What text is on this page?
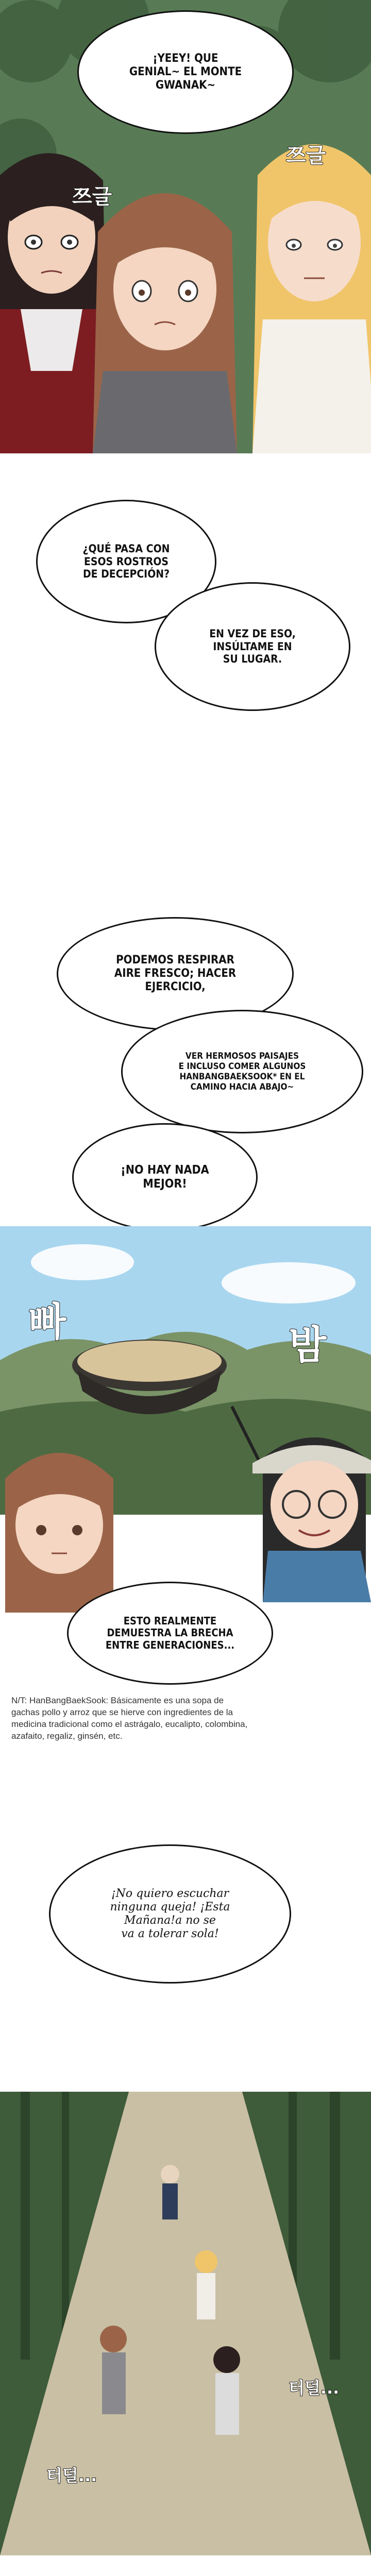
¡YEEY! QUE
GENIAL~ EL MONTE
GWANAK~
쯔글
쯔글
¿QUÉ PASA CON
ESOS ROSTROS
DE DECEPCIÓN?
EN VEZ DE ESO,
INSÚLTAME EN
SU LUGAR.
PODEMOS RESPIRAR
AIRE FRESCO; HACER
EJERCICIO,
VER HERMOSOS PAISAJES
E INCLUSO COMER ALGUNOS
HANBANGBAEKSOOK* EN EL
CAMINO HACIA ABAJO~
¡NO HAY NADA
MEJOR!
빠
밤
ESTO REALMENTE
DEMUESTRA LA BRECHA
ENTRE GENERACIONES...
N/T: HanBangBaekSook: Básicamente es una sopa de gachas pollo y arroz que se hierve con ingredientes de la medicina tradicional como el astrágalo, eucalipto, colombina, azafaito, regaliz, ginsén, etc.
¡No quiero escuchar
ninguna queja! ¡Esta
Mañana!a no se
va a tolerar sola!
터덜...
터덜...
